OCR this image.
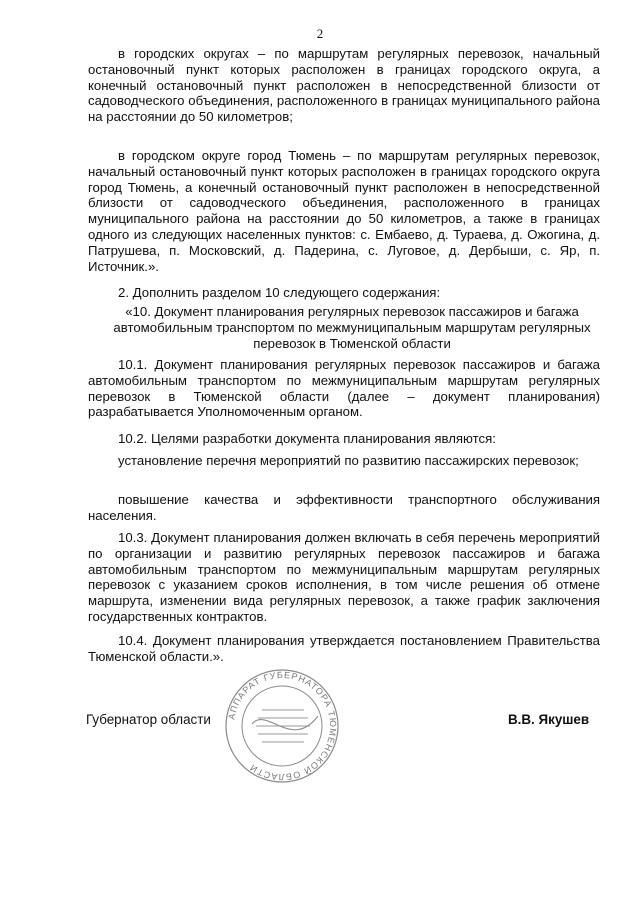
2

в городских округах – по маршрутам регулярных перевозок, начальный остановочный пункт которых расположен в границах городского округа, а конечный остановочный пункт расположен в непосредственной близости от садоводческого объединения, расположенного в границах муниципального района на расстоянии до 50 километров;

в городском округе город Тюмень – по маршрутам регулярных перевозок, начальный остановочный пункт которых расположен в границах городского округа город Тюмень, а конечный остановочный пункт расположен в непосредственной близости от садоводческого объединения, расположенного в границах муниципального района на расстоянии до 50 километров, а также в границах одного из следующих населенных пунктов: с. Ембаево, д. Тураева, д. Ожогина, д. Патрушева, п. Московский, д. Падерина, с. Луговое, д. Дербыши, с. Яр, п. Источник.».

2. Дополнить разделом 10 следующего содержания:

«10. Документ планирования регулярных перевозок пассажиров и багажа автомобильным транспортом по межмуниципальным маршрутам регулярных перевозок в Тюменской области

10.1. Документ планирования регулярных перевозок пассажиров и багажа автомобильным транспортом по межмуниципальным маршрутам регулярных перевозок в Тюменской области (далее – документ планирования) разрабатывается Уполномоченным органом.

10.2. Целями разработки документа планирования являются:

установление перечня мероприятий по развитию пассажирских перевозок;

повышение качества и эффективности транспортного обслуживания населения.

10.3. Документ планирования должен включать в себя перечень мероприятий по организации и развитию регулярных перевозок пассажиров и багажа автомобильным транспортом по межмуниципальным маршрутам регулярных перевозок с указанием сроков исполнения, в том числе решения об отмене маршрута, изменении вида регулярных перевозок, а также график заключения государственных контрактов.

10.4. Документ планирования утверждается постановлением Правительства Тюменской области.».

Губернатор области АППАРАТ ГУБЕРНАТОРА ТЮМЕНСКОЙ ОБЛАСТИ
В.В. Якушев
